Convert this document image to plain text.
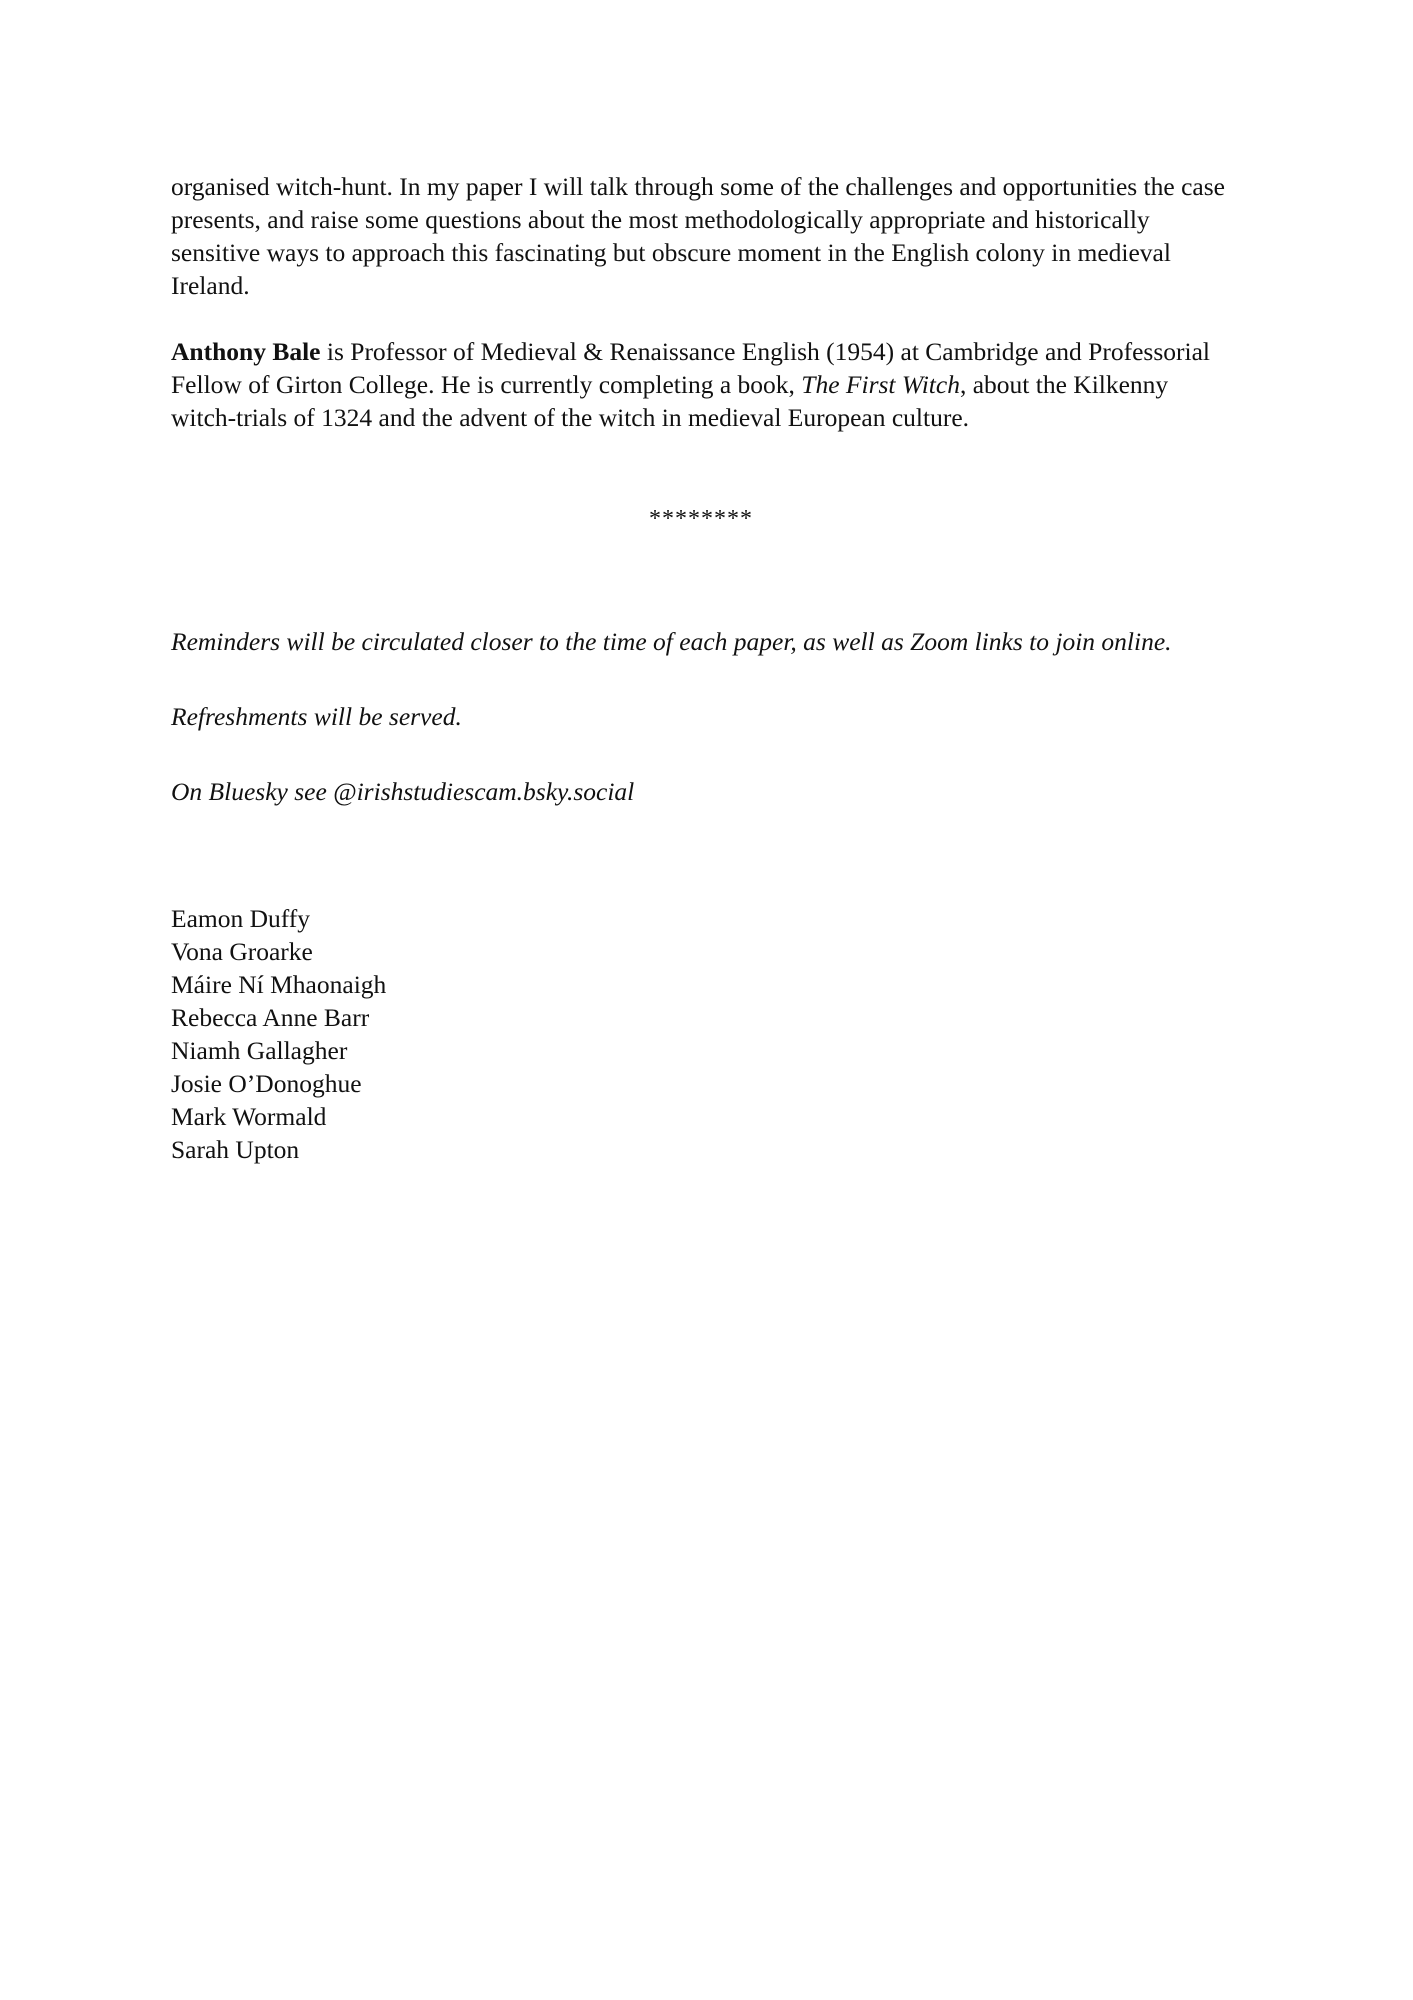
organised witch-hunt. In my paper I will talk through some of the challenges and opportunities the case presents, and raise some questions about the most methodologically appropriate and historically sensitive ways to approach this fascinating but obscure moment in the English colony in medieval Ireland.

Anthony Bale is Professor of Medieval & Renaissance English (1954) at Cambridge and Professorial Fellow of Girton College. He is currently completing a book, The First Witch, about the Kilkenny witch-trials of 1324 and the advent of the witch in medieval European culture.

********

Reminders will be circulated closer to the time of each paper, as well as Zoom links to join online.

Refreshments will be served.

On Bluesky see @irishstudiescam.bsky.social

Eamon Duffy

Vona Groarke

Máire Ní Mhaonaigh

Rebecca Anne Barr

Niamh Gallagher

Josie O’Donoghue

Mark Wormald

Sarah Upton
